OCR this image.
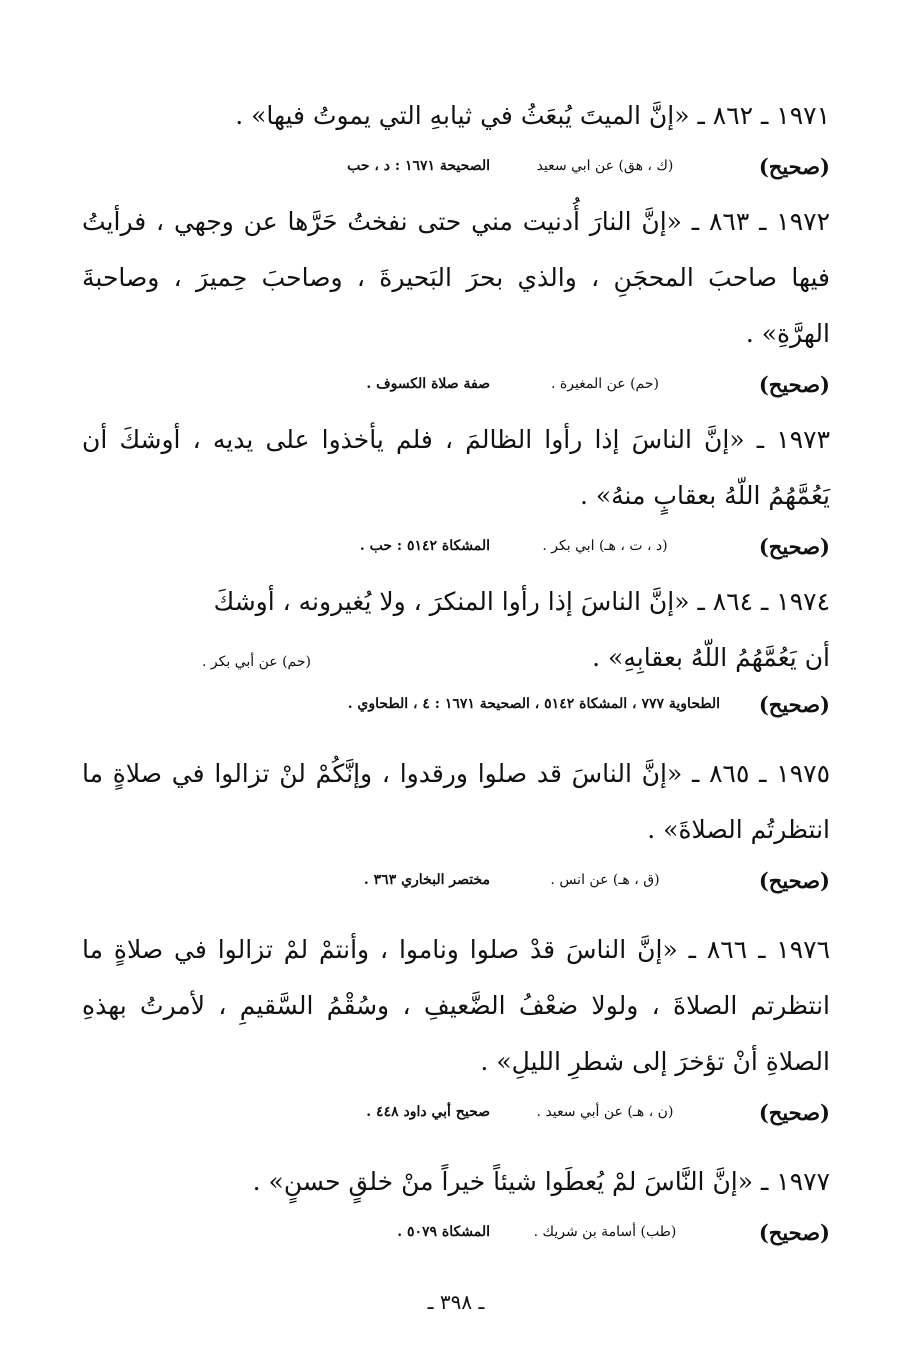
١٩٧١ ـ ٨٦٢ ـ «إنَّ الميتَ يُبعَثُ في ثيابهِ التي يموتُ فيها» .

(صحيح)
(ك ، هق) عن ابي سعيد
الصحيحة ١٦٧١ : د ، حب

١٩٧٢ ـ ٨٦٣ ـ «إنَّ النارَ أُدنيت مني حتى نفختُ حَرَّها عن وجهي ، فرأيتُ فيها صاحبَ المحجَنِ ، والذي بحرَ البَحيرةَ ، وصاحبَ حِميرَ ، وصاحبةَ الهرَّةِ» .

(صحيح)
(حم) عن المغيرة .
صفة صلاة الكسوف .

١٩٧٣ ـ «إنَّ الناسَ إذا رأوا الظالمَ ، فلم يأخذوا على يديه ، أوشكَ أن يَعُمَّهُمُ اللّهُ بعقابٍ منهُ» .

(صحيح)
(د ، ت ، هـ) ابي بكر .
المشكاة ٥١٤٢ : حب .

١٩٧٤ ـ ٨٦٤ ـ «إنَّ الناسَ إذا رأوا المنكرَ ، ولا يُغيرونه ، أوشكَ

أن يَعُمَّهُمُ اللّهُ بعقابِهِ» .
(حم) عن أبي بكر .
(صحيح)
الطحاوية ٧٧٧ ، المشكاة ٥١٤٢ ، الصحيحة ١٦٧١ : ٤ ، الطحاوي .

١٩٧٥ ـ ٨٦٥ ـ «إنَّ الناسَ قد صلوا ورقدوا ، وإنَّكُمْ لنْ تزالوا في صلاةٍ ما انتظرتُم الصلاةَ» .

(صحيح)
(ق ، هـ) عن انس .
مختصر البخاري ٣٦٣ .

١٩٧٦ ـ ٨٦٦ ـ «إنَّ الناسَ قدْ صلوا وناموا ، وأنتمْ لمْ تزالوا في صلاةٍ ما انتظرتم الصلاةَ ، ولولا ضعْفُ الضَّعيفِ ، وسُقْمُ السَّقيمِ ، لأمرتُ بهذهِ الصلاةِ أنْ تؤخرَ إلى شطرِ الليلِ» .

(صحيح)
(ن ، هـ) عن أبي سعيد .
صحيح أبي داود ٤٤٨ .

١٩٧٧ ـ «إنَّ النَّاسَ لمْ يُعطَوا شيئاً خيراً منْ خلقٍ حسنٍ» .

(صحيح)
(طب) أسامة بن شريك .
المشكاة ٥٠٧٩ .
ـ ٣٩٨ ـ
